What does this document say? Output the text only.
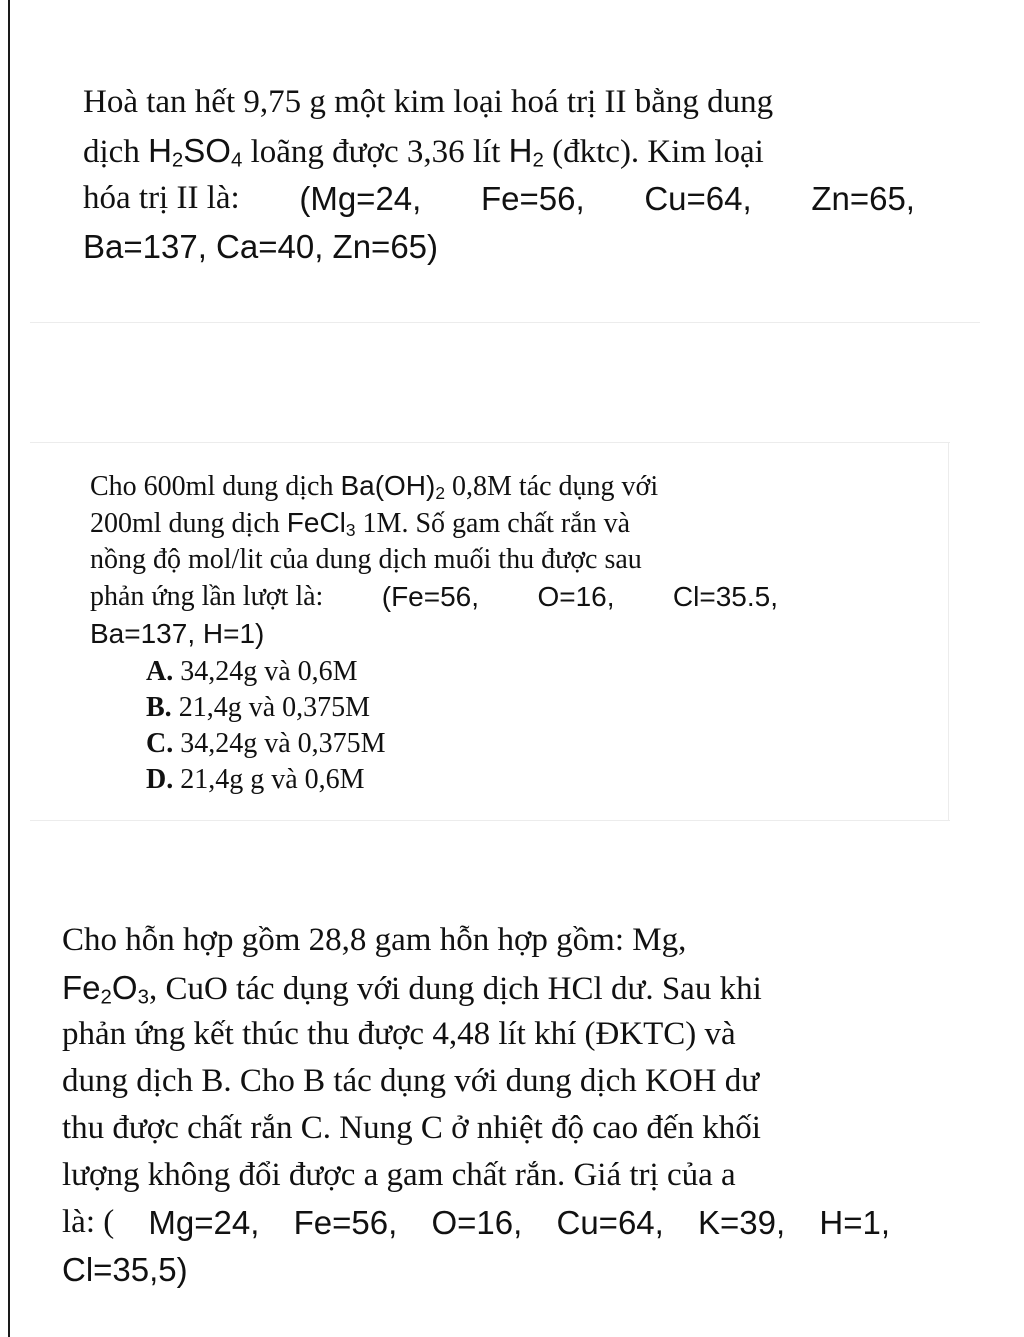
Hoà tan hết 9,75 g một kim loại hoá trị II bằng dung
dịch $H_2SO_4$ loãng được 3,36 lít $H_2$ (đktc). Kim loại
hóa trị II là: (Mg=24, Fe=56, Cu=64, Zn=65,
Ba=137, Ca=40, Zn=65)
Cho 600ml dung dịch $Ba(OH)_2$ 0,8M tác dụng với
200ml dung dịch FeCl$_3$ 1M. Số gam chất rắn và
nồng độ mol/lit của dung dịch muối thu được sau
phản ứng lần lượt là: (Fe=56, O=16, Cl=35.5,
Ba=137, H=1)
A. 34,24g và 0,6M
B. 21,4g và 0,375M
C. 34,24g và 0,375M
D. 21,4g g và 0,6M
Cho hỗn hợp gồm 28,8 gam hỗn hợp gồm: Mg,
$Fe_2O_3$, CuO tác dụng với dung dịch HCl dư. Sau khi
phản ứng kết thúc thu được 4,48 lít khí (ĐKTC) và
dung dịch B. Cho B tác dụng với dung dịch KOH dư
thu được chất rắn C. Nung C ở nhiệt độ cao đến khối
lượng không đổi được a gam chất rắn. Giá trị của a
là: ( Mg=24, Fe=56, O=16, Cu=64, K=39, H=1,
Cl=35,5)
